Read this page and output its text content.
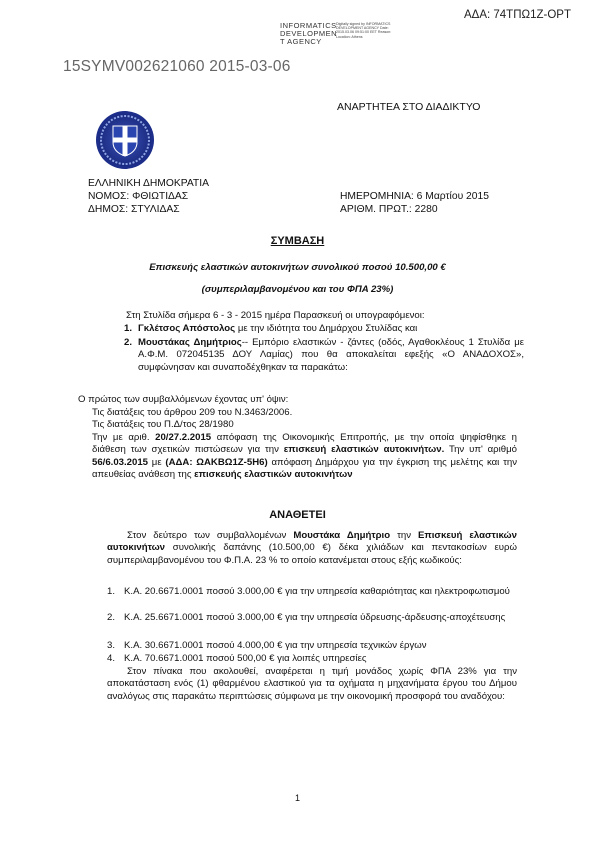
ΑΔΑ: 74ΤΠΩ1Ζ-ΟΡΤ
INFORMATICS
DEVELOPMEN
T AGENCY
Digitally signed by INFORMATICS DEVELOPMENT AGENCY Date: 2015.03.06 09:51:00 EET Reason: Location: Athens
15SYMV002621060 2015-03-06
ΑΝΑΡΤΗΤΕΑ ΣΤΟ ΔΙΑΔΙΚΤΥΟ
ΕΛΛΗΝΙΚΗ ΔΗΜΟΚΡΑΤΙΑ
ΝΟΜΟΣ: ΦΘΙΩΤΙΔΑΣ
ΔΗΜΟΣ: ΣΤΥΛΙΔΑΣ
ΗΜΕΡΟΜΗΝΙΑ: 6 Μαρτίου 2015
ΑΡΙΘΜ. ΠΡΩΤ.: 2280
ΣΥΜΒΑΣΗ
Επισκευής ελαστικών αυτοκινήτων συνολικού ποσού 10.500,00 €
(συμπεριλαμβανομένου και του ΦΠΑ 23%)
Στη Στυλίδα σήμερα 6 - 3 - 2015 ημέρα Παρασκευή οι υπογραφόμενοι:
1. Γκλέτσος Απόστολος με την ιδιότητα του Δημάρχου Στυλίδας και
2. Μουστάκας Δημήτριος-- Εμπόριο ελαστικών - ζάντες (οδός, Αγαθοκλέους 1 Στυλίδα με Α.Φ.Μ. 072045135 ΔΟΥ Λαμίας) που θα αποκαλείται εφεξής «Ο ΑΝΑΔΟΧΟΣ», συμφώνησαν και συναποδέχθηκαν τα παρακάτω:
Ο πρώτος των συμβαλλόμενων έχοντας υπ' όψιν:
Τις διατάξεις του άρθρου 209 του Ν.3463/2006.
Τις διατάξεις του Π.Δ/τος 28/1980
Την με αριθ. 20/27.2.2015 απόφαση της Οικονομικής Επιτροπής, με την οποία ψηφίσθηκε η διάθεση των σχετικών πιστώσεων για την επισκευή ελαστικών αυτοκινήτων. Την υπ' αριθμό 56/6.03.2015 με (ΑΔΑ: ΩΑΚΒΩ1Ζ-5Η6) απόφαση Δημάρχου για την έγκριση της μελέτης και την απευθείας ανάθεση της επισκευής ελαστικών αυτοκινήτων
ΑΝΑΘΕΤΕΙ
Στον δεύτερο των συμβαλλομένων Μουστάκα Δημήτριο την Επισκευή ελαστικών αυτοκινήτων συνολικής δαπάνης (10.500,00 €) δέκα χιλιάδων και πεντακοσίων ευρώ συμπεριλαμβανομένου του Φ.Π.Α. 23 % το οποίο κατανέμεται στους εξής κωδικούς:
1. Κ.Α. 20.6671.0001 ποσού 3.000,00 € για την υπηρεσία καθαριότητας και ηλεκτροφωτισμού
2. Κ.Α. 25.6671.0001 ποσού 3.000,00 € για την υπηρεσία ύδρευσης-άρδευσης-αποχέτευσης
3. Κ.Α. 30.6671.0001 ποσού 4.000,00 € για την υπηρεσία τεχνικών έργων
4. Κ.Α. 70.6671.0001 ποσού 500,00 € για λοιπές υπηρεσίες
Στον πίνακα που ακολουθεί, αναφέρεται η τιμή μονάδος χωρίς ΦΠΑ 23% για την αποκατάσταση ενός (1) φθαρμένου ελαστικού για τα οχήματα η μηχανήματα έργου του Δήμου αναλόγως στις παρακάτω περιπτώσεις σύμφωνα με την οικονομική προσφορά του αναδόχου:
1
